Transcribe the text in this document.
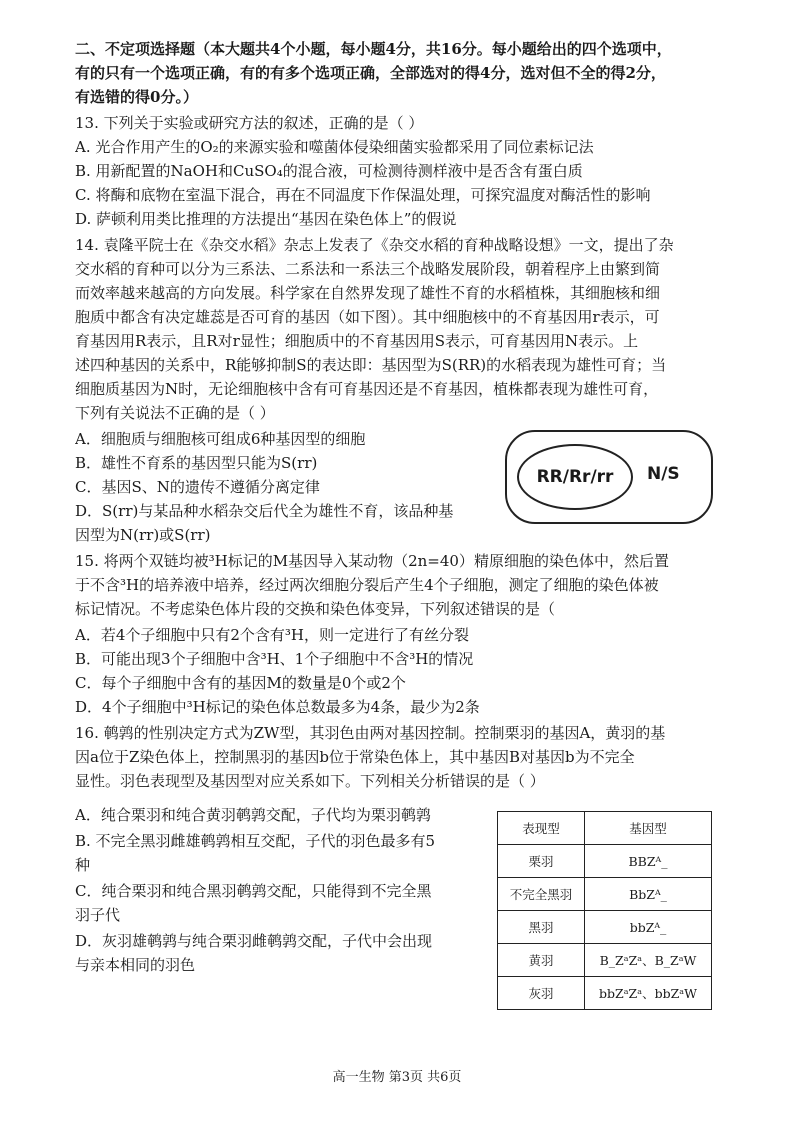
二、不定项选择题（本大题共4个小题，每小题4分，共16分。每小题给出的四个选项中，
有的只有一个选项正确，有的有多个选项正确，全部选对的得4分，选对但不全的得2分，
有选错的得0分。）
13. 下列关于实验或研究方法的叙述，正确的是（ ）
A. 光合作用产生的O₂的来源实验和噬菌体侵染细菌实验都采用了同位素标记法
B. 用新配置的NaOH和CuSO₄的混合液，可检测待测样液中是否含有蛋白质
C. 将酶和底物在室温下混合，再在不同温度下作保温处理，可探究温度对酶活性的影响
D. 萨顿利用类比推理的方法提出“基因在染色体上”的假说
14. 袁隆平院士在《杂交水稻》杂志上发表了《杂交水稻的育种战略设想》一文，提出了杂
交水稻的育种可以分为三系法、二系法和一系法三个战略发展阶段，朝着程序上由繁到简
而效率越来越高的方向发展。科学家在自然界发现了雄性不育的水稻植株，其细胞核和细
胞质中都含有决定雄蕊是否可育的基因（如下图）。其中细胞核中的不育基因用r表示，可
育基因用R表示，且R对r显性；细胞质中的不育基因用S表示，可育基因用N表示。上
述四种基因的关系中，R能够抑制S的表达即：基因型为S(RR)的水稻表现为雄性可育；当
细胞质基因为N时，无论细胞核中含有可育基因还是不育基因，植株都表现为雄性可育，
下列有关说法不正确的是（ ）
A．细胞质与细胞核可组成6种基因型的细胞
B．雄性不育系的基因型只能为S(rr)
C．基因S、N的遗传不遵循分离定律
D．S(rr)与某品种水稻杂交后代全为雄性不育，该品种基
因型为N(rr)或S(rr)
RR/Rr/rr N/S
15. 将两个双链均被³H标记的M基因导入某动物（2n=40）精原细胞的染色体中，然后置
于不含³H的培养液中培养，经过两次细胞分裂后产生4个子细胞，测定了细胞的染色体被
标记情况。不考虑染色体片段的交换和染色体变异，下列叙述错误的是（
A．若4个子细胞中只有2个含有³H，则一定进行了有丝分裂
B．可能出现3个子细胞中含³H、1个子细胞中不含³H的情况
C．每个子细胞中含有的基因M的数量是0个或2个
D．4个子细胞中³H标记的染色体总数最多为4条，最少为2条
16. 鹌鹑的性别决定方式为ZW型，其羽色由两对基因控制。控制栗羽的基因A，黄羽的基
因a位于Z染色体上，控制黑羽的基因b位于常染色体上，其中基因B对基因b为不完全
显性。羽色表现型及基因型对应关系如下。下列相关分析错误的是（ ）
A．纯合栗羽和纯合黄羽鹌鹑交配，子代均为栗羽鹌鹑
B. 不完全黑羽雌雄鹌鹑相互交配，子代的羽色最多有5
种
C．纯合栗羽和纯合黑羽鹌鹑交配，只能得到不完全黑
羽子代
D．灰羽雄鹌鹑与纯合栗羽雌鹌鹑交配，子代中会出现
与亲本相同的羽色
表现型	基因型
栗羽	BBZᴬ_
不完全黑羽	BbZᴬ_
黑羽	bbZᴬ_
黄羽	B_ZᵃZᵃ、B_ZᵃW
灰羽	bbZᵃZᵃ、bbZᵃW
高一生物 第3页 共6页
